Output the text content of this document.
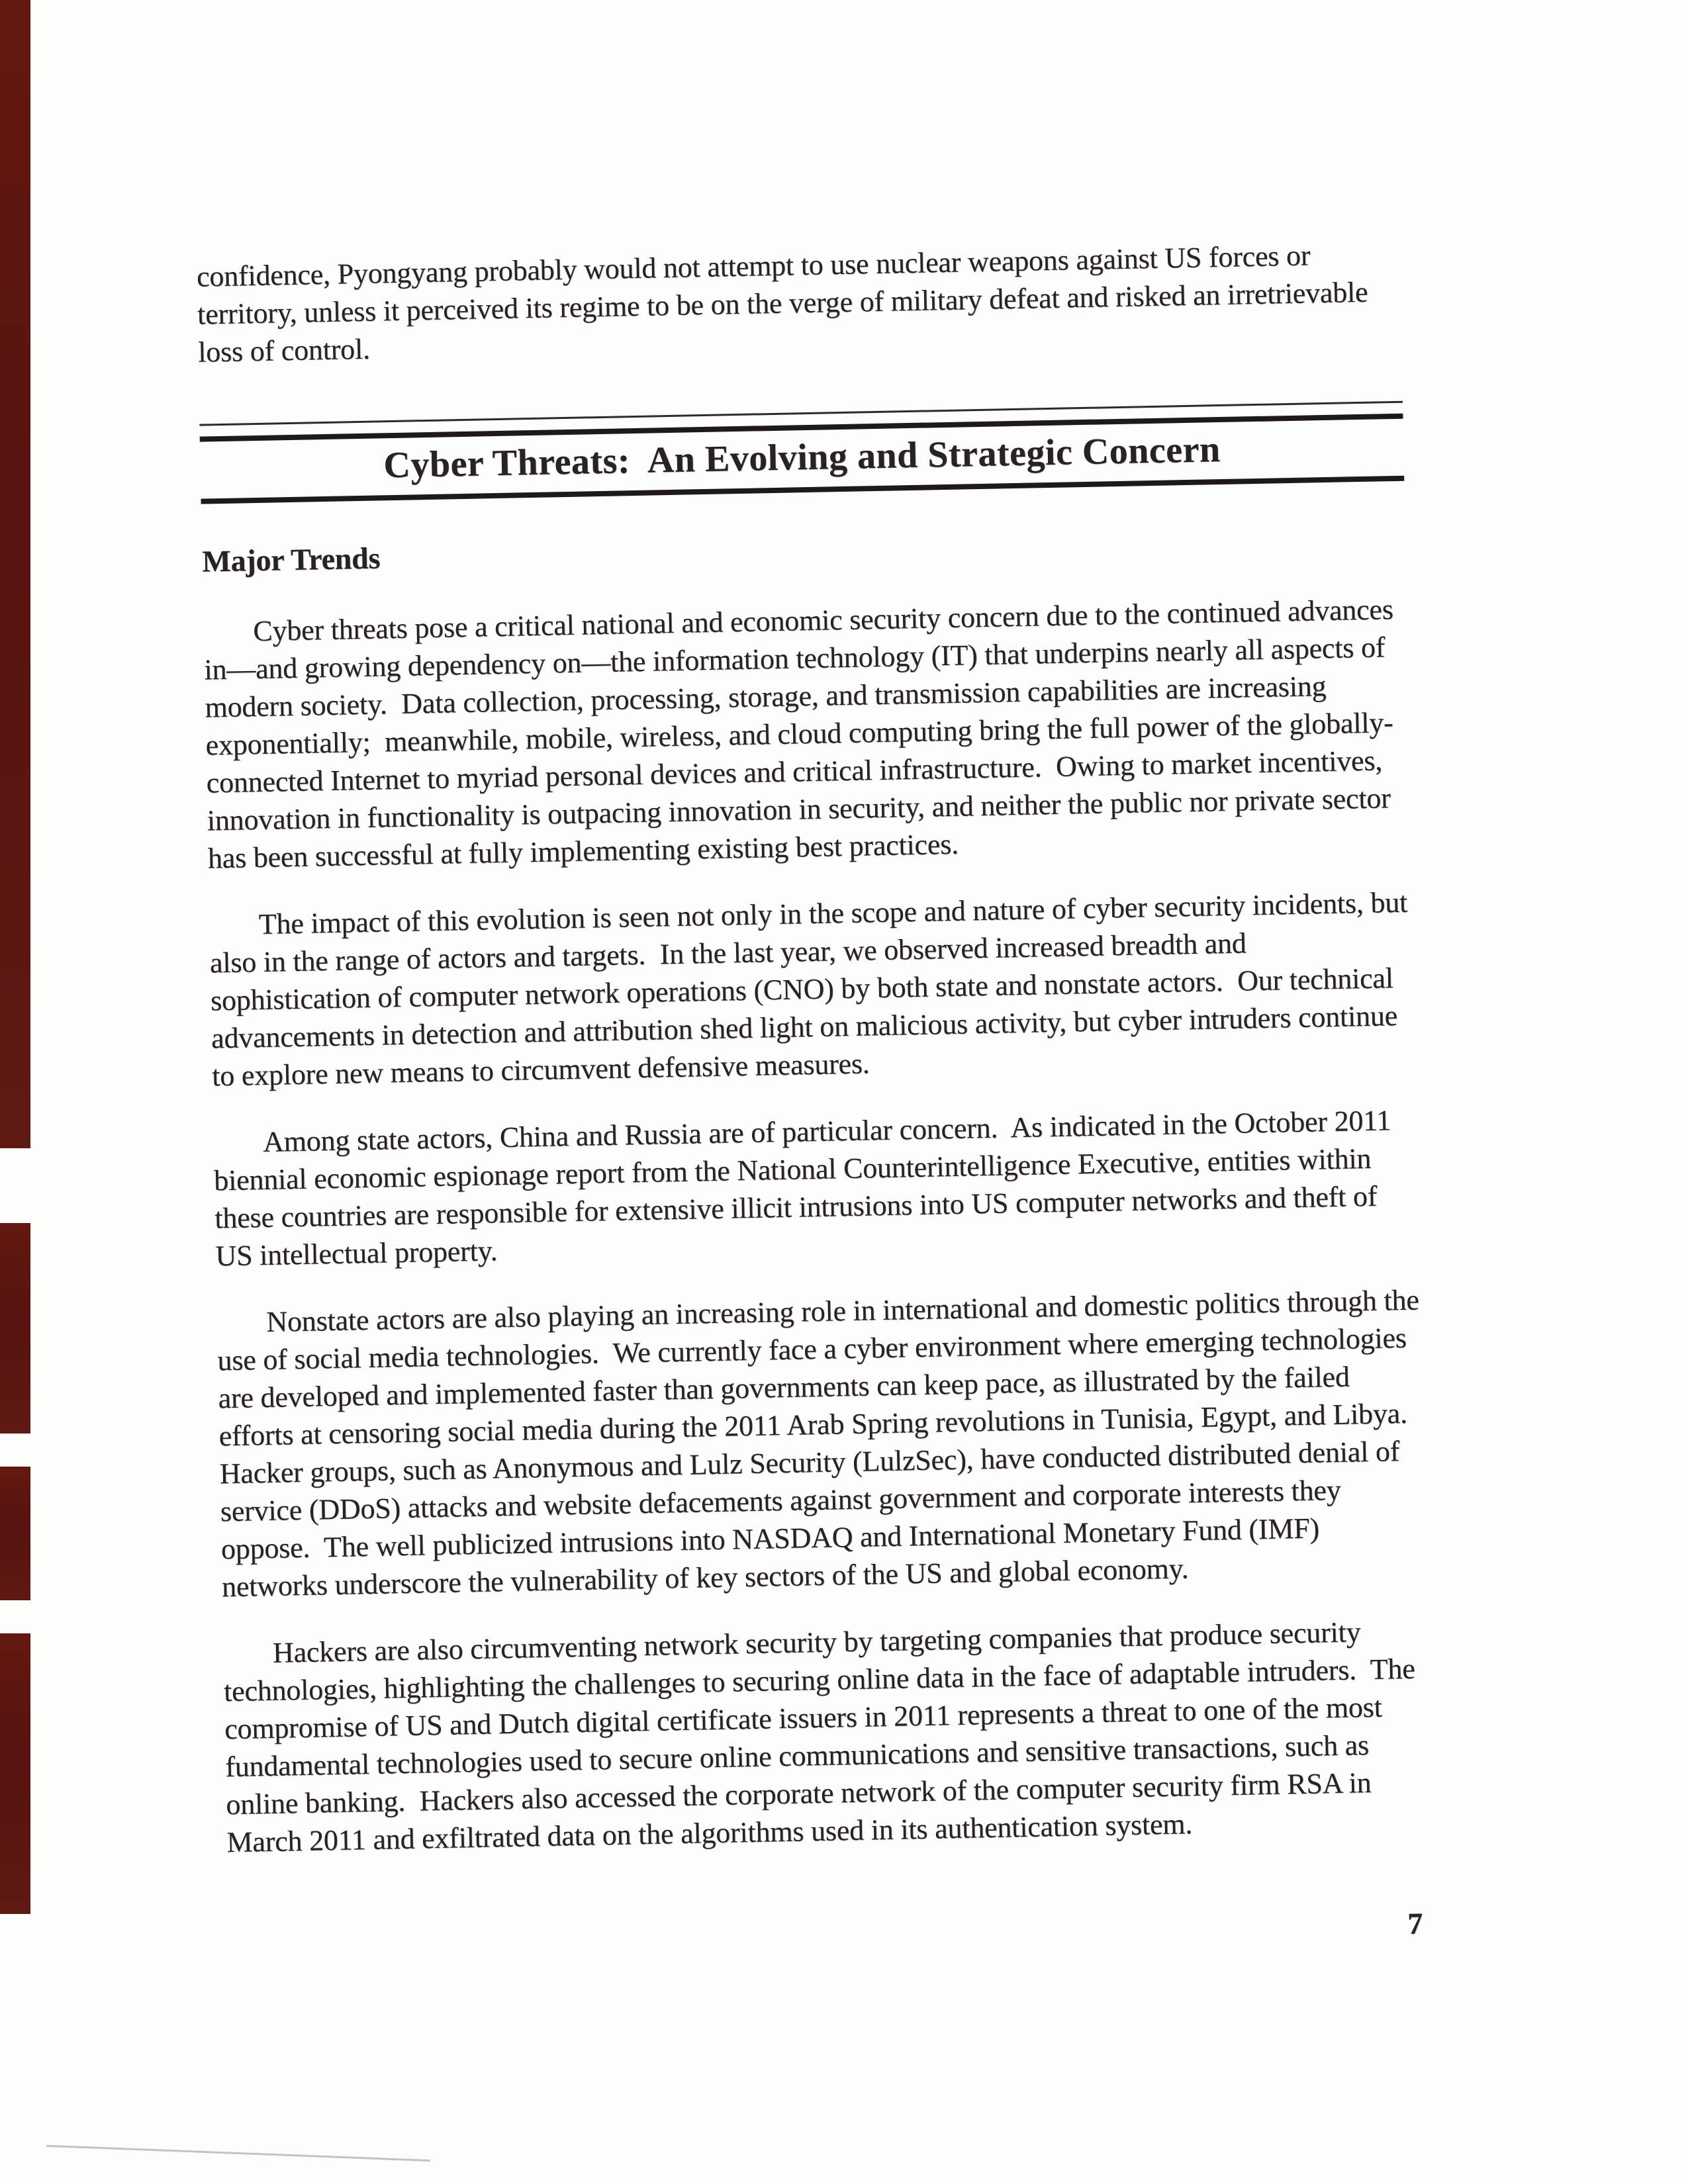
confidence, Pyongyang probably would not attempt to use nuclear weapons against US forces or territory, unless it perceived its regime to be on the verge of military defeat and risked an irretrievable loss of control.

Cyber Threats:  An Evolving and Strategic Concern
Major Trends

Cyber threats pose a critical national and economic security concern due to the continued advances in—and growing dependency on—the information technology (IT) that underpins nearly all aspects of modern society.  Data collection, processing, storage, and transmission capabilities are increasing exponentially;  meanwhile, mobile, wireless, and cloud computing bring the full power of the globally-connected Internet to myriad personal devices and critical infrastructure.  Owing to market incentives, innovation in functionality is outpacing innovation in security, and neither the public nor private sector has been successful at fully implementing existing best practices.

The impact of this evolution is seen not only in the scope and nature of cyber security incidents, but also in the range of actors and targets.  In the last year, we observed increased breadth and sophistication of computer network operations (CNO) by both state and nonstate actors.  Our technical advancements in detection and attribution shed light on malicious activity, but cyber intruders continue to explore new means to circumvent defensive measures.

Among state actors, China and Russia are of particular concern.  As indicated in the October 2011 biennial economic espionage report from the National Counterintelligence Executive, entities within these countries are responsible for extensive illicit intrusions into US computer networks and theft of US intellectual property.

Nonstate actors are also playing an increasing role in international and domestic politics through the use of social media technologies.  We currently face a cyber environment where emerging technologies are developed and implemented faster than governments can keep pace, as illustrated by the failed efforts at censoring social media during the 2011 Arab Spring revolutions in Tunisia, Egypt, and Libya.  Hacker groups, such as Anonymous and Lulz Security (LulzSec), have conducted distributed denial of service (DDoS) attacks and website defacements against government and corporate interests they oppose.  The well publicized intrusions into NASDAQ and International Monetary Fund (IMF) networks underscore the vulnerability of key sectors of the US and global economy.

Hackers are also circumventing network security by targeting companies that produce security technologies, highlighting the challenges to securing online data in the face of adaptable intruders.  The compromise of US and Dutch digital certificate issuers in 2011 represents a threat to one of the most fundamental technologies used to secure online communications and sensitive transactions, such as online banking.  Hackers also accessed the corporate network of the computer security firm RSA in March 2011 and exfiltrated data on the algorithms used in its authentication system.

7
